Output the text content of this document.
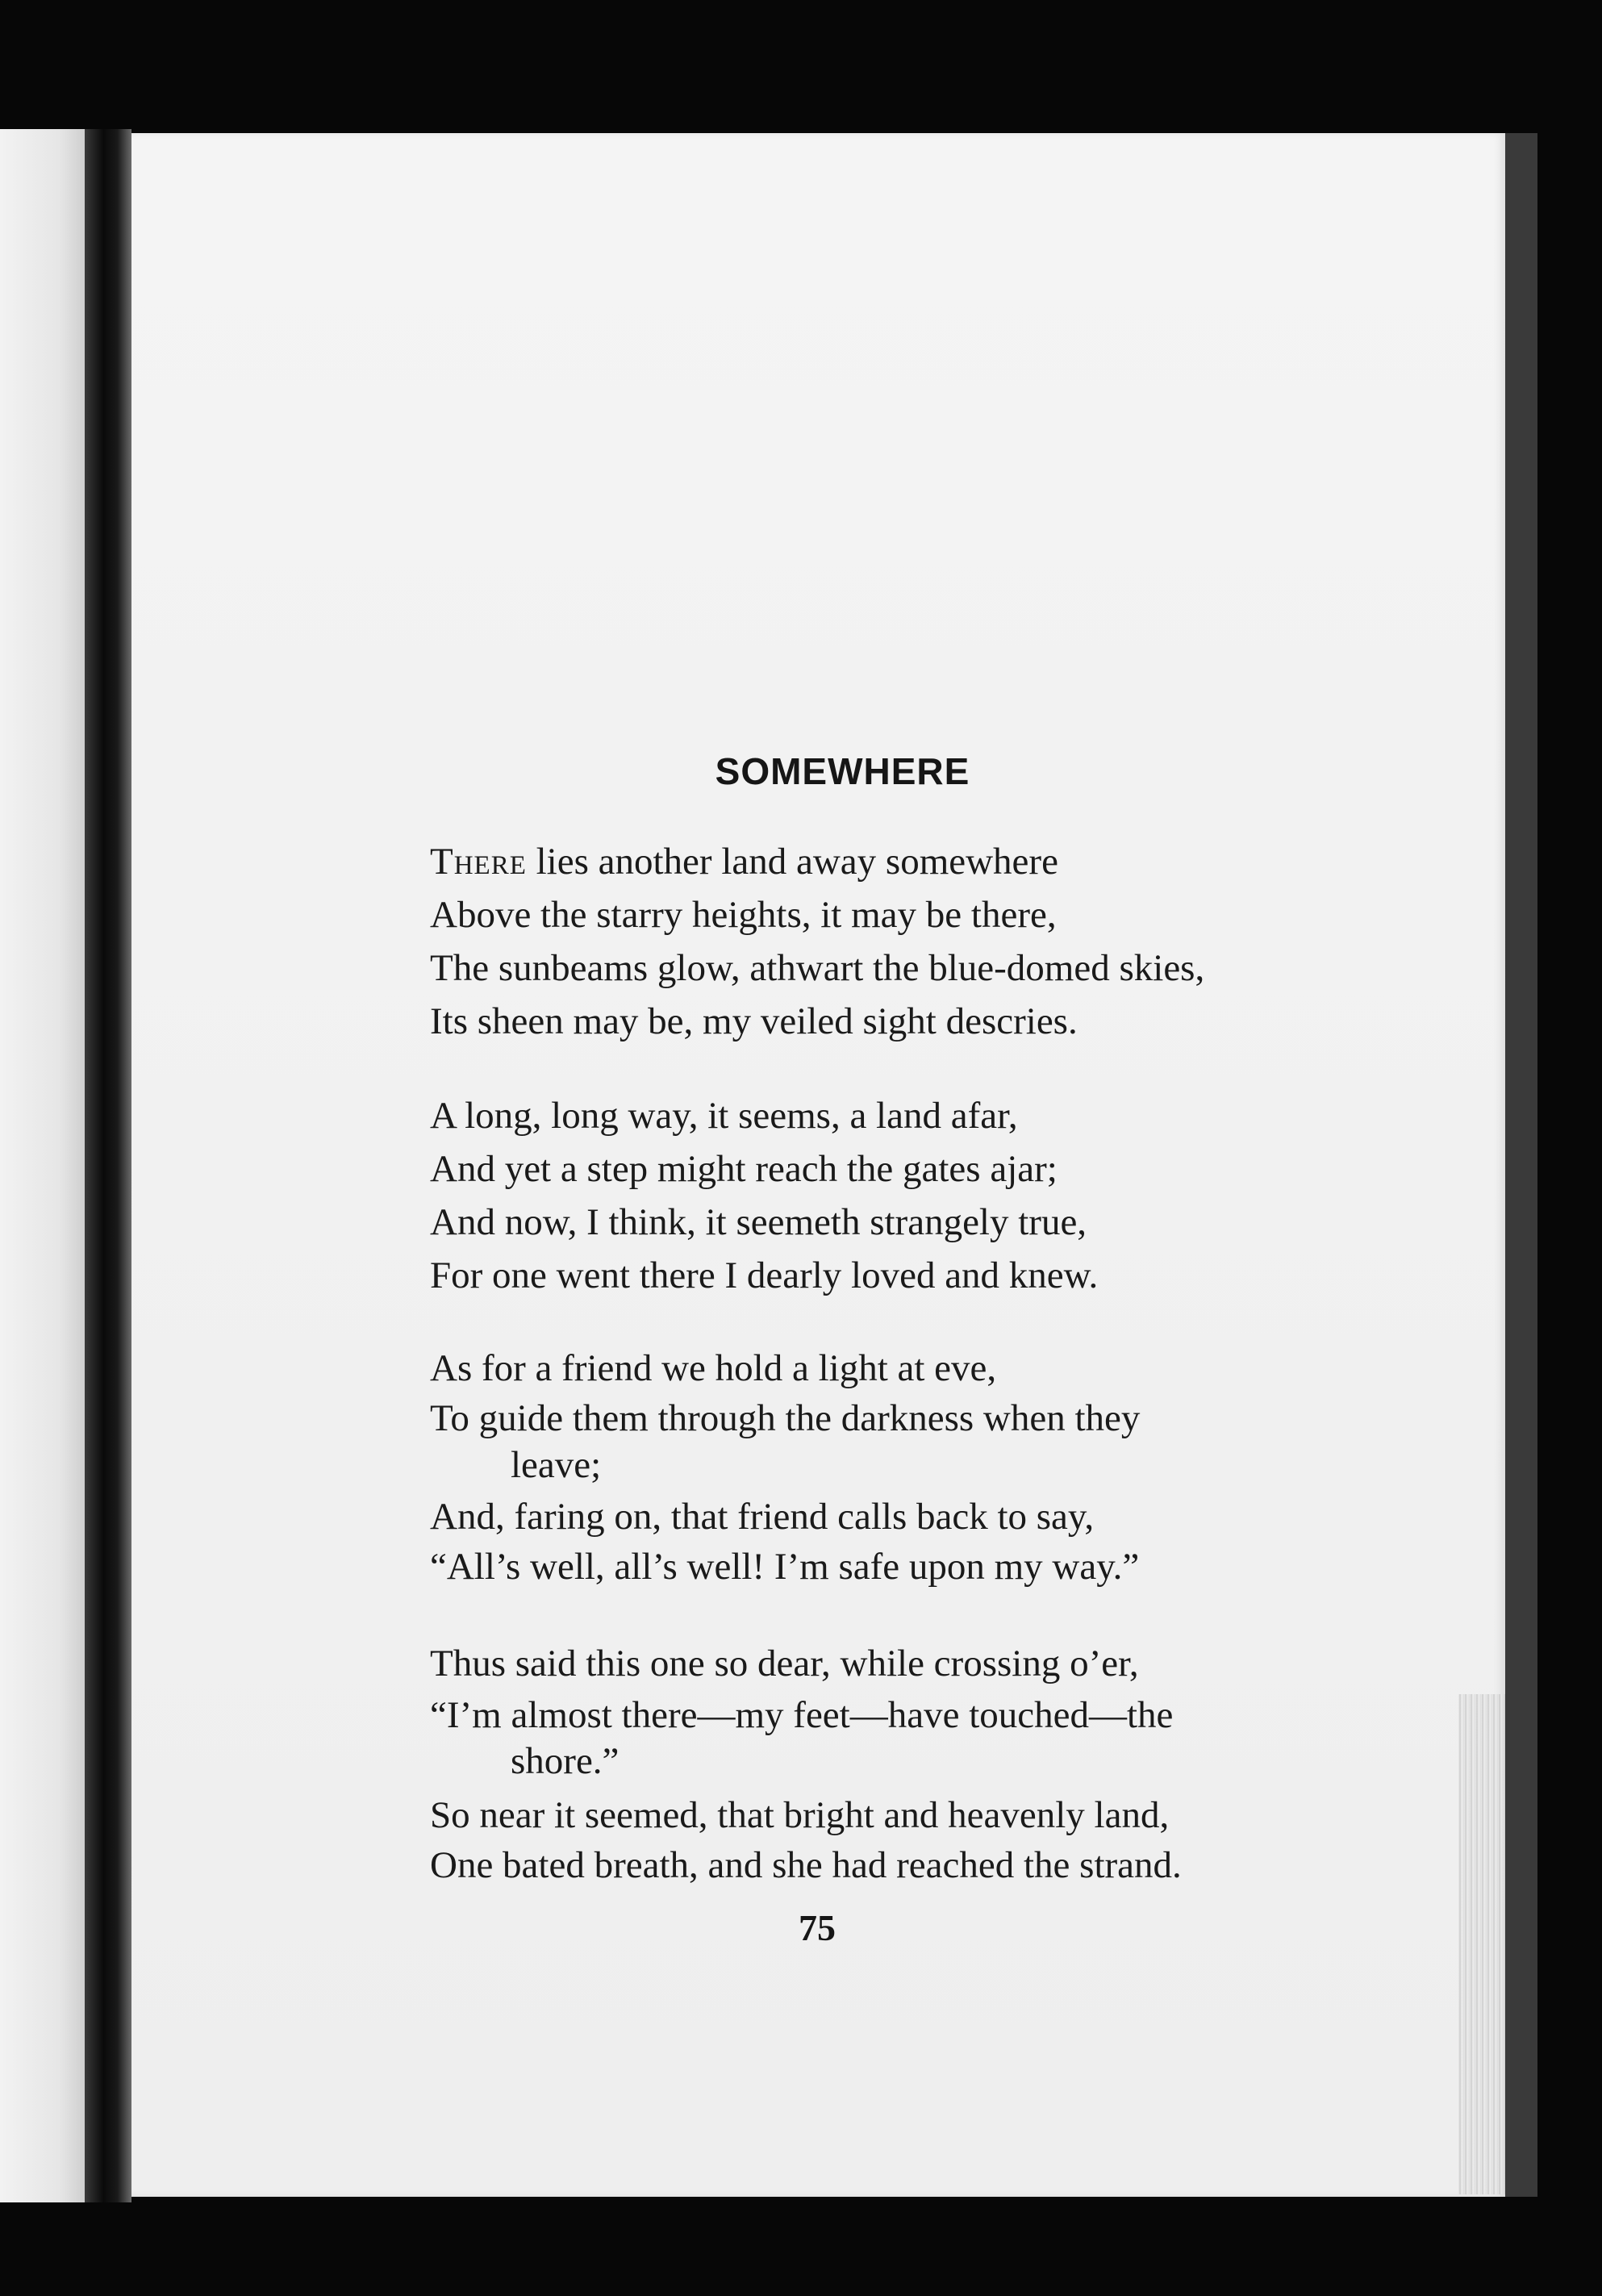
SOMEWHERE
There lies another land away somewhere
Above the starry heights, it may be there,
The sunbeams glow, athwart the blue-domed skies,
Its sheen may be, my veiled sight descries.
A long, long way, it seems, a land afar,
And yet a step might reach the gates ajar;
And now, I think, it seemeth strangely true,
For one went there I dearly loved and knew.
As for a friend we hold a light at eve,
To guide them through the darkness when they
leave;
And, faring on, that friend calls back to say,
“All’s well, all’s well! I’m safe upon my way.”
Thus said this one so dear, while crossing o’er,
“I’m almost there—my feet—have touched—the
shore.”
So near it seemed, that bright and heavenly land,
One bated breath, and she had reached the strand.
75
